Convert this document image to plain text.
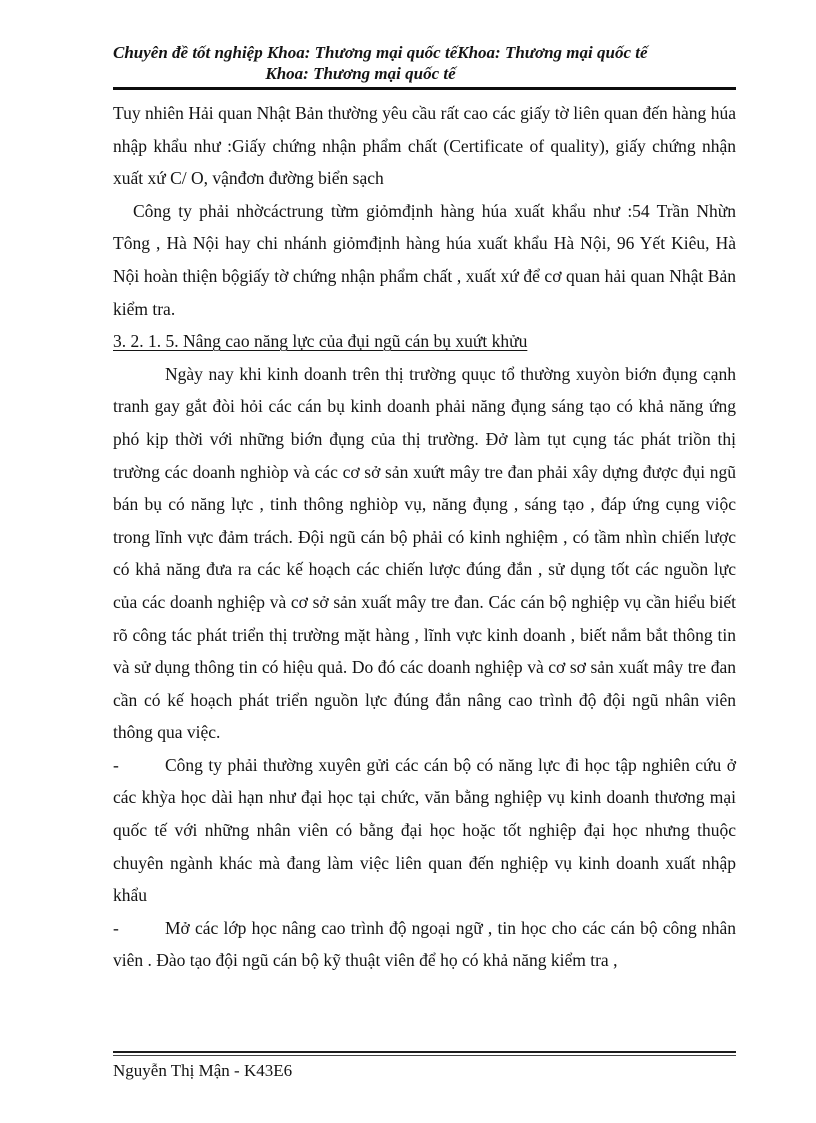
Chuyên đề tốt nghiệp Khoa: Thương mại quốc tếKhoa: Thương mại quốc tế
Khoa: Thương mại quốc tế

Tuy nhiên Hải quan Nhật Bản thường yêu cầu rất cao các giấy tờ liên quan đến hàng húa nhập khẩu như :Giấy chứng nhận phẩm chất (Certificate of quality), giấy chứng nhận xuất xứ C/ O, vậnđơn đường biển sạch

Công ty phải nhờcáctrung từm giỏmđịnh hàng húa xuất khẩu như :54 Trần Nhừn Tông , Hà Nội hay chi nhánh giỏmđịnh hàng húa xuất khẩu Hà Nội, 96 Yết Kiêu, Hà Nội hoàn thiện bộgiấy tờ chứng nhận phẩm chất , xuất xứ để cơ quan hải quan Nhật Bản kiểm tra.

3. 2. 1. 5. Nâng cao năng lực của đụi ngũ cán bụ xuứt khửu

Ngày nay khi kinh doanh trên thị trường quục tổ thường xuyòn biớn đụng cạnh tranh gay gắt đòi hỏi các cán bụ kinh doanh phải năng đụng sáng tạo có khả năng ứng phó kịp thời với những biớn đụng của thị trường. Đở làm tụt cụng tác phát triồn thị trường các doanh nghiòp và các cơ sở sản xuứt mây tre đan phải xây dựng được đụi ngũ bán bụ có năng lực , tinh thông nghiòp vụ, năng đụng , sáng tạo , đáp ứng cụng viộc trong lĩnh vực đảm trách. Đội ngũ cán bộ phải có kinh nghiệm , có tầm nhìn chiến lược có khả năng đưa ra các kế hoạch các chiến lược đúng đắn , sử dụng tốt các nguồn lực của các doanh nghiệp và cơ sở sản xuất mây tre đan. Các cán bộ nghiệp vụ cần hiểu biết rõ công tác phát triển thị trường mặt hàng , lĩnh vực kinh doanh , biết nắm bắt thông tin và sử dụng thông tin có hiệu quả. Do đó các doanh nghiệp và cơ sơ sản xuất mây tre đan cần có kế hoạch phát triển nguồn lực đúng đắn nâng cao trình độ đội ngũ nhân viên thông qua việc.

-	Công ty phải thường xuyên gửi các cán bộ có năng lực đi học tập nghiên cứu ở các khỳa học dài hạn như đại học tại chức, văn bằng nghiệp vụ kinh doanh thương mại quốc tế với những nhân viên có bằng đại học hoặc tốt nghiệp đại học nhưng thuộc chuyên ngành khác mà đang làm việc liên quan đến nghiệp vụ kinh doanh xuất nhập khẩu

-	Mở các lớp học nâng cao trình độ ngoại ngữ , tin học cho các cán bộ công nhân viên . Đào tạo đội ngũ cán bộ kỹ thuật viên để họ có khả năng kiểm tra ,

Nguyễn Thị Mận - K43E6
